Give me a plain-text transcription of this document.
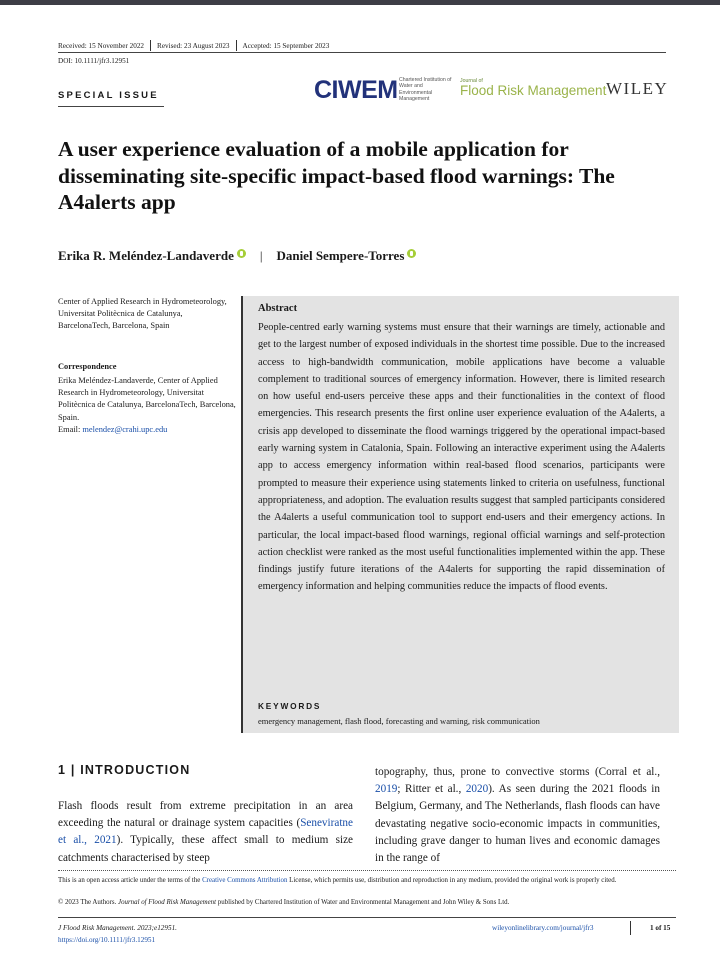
Received: 15 November 2022 Revised: 23 August 2023 Accepted: 15 September 2023
DOI: 10.1111/jfr3.12951
SPECIAL ISSUE	CIWEM Chartered Institution of Water and Environmental Management
Journal of
Flood Risk Management WILEY
A user experience evaluation of a mobile application for disseminating site-specific impact-based flood warnings: The A4alerts app
Erika R. Meléndez-Landaverde | Daniel Sempere-Torres
Center of Applied Research in Hydrometeorology, Universitat Politècnica de Catalunya, BarcelonaTech, Barcelona, Spain
Correspondence
Erika Meléndez-Landaverde, Center of Applied Research in Hydrometeorology, Universitat Politècnica de Catalunya, BarcelonaTech, Barcelona, Spain.
Email: melendez@crahi.upc.edu
Abstract

People-centred early warning systems must ensure that their warnings are timely, actionable and get to the largest number of exposed individuals in the shortest time possible. Due to the increased access to high-bandwidth communication, mobile applications have become a valuable complement to traditional sources of emergency information. However, there is limited research on how useful end-users perceive these apps and their functionalities in the context of flood emergencies. This research presents the first online user experience evaluation of the A4alerts, a crisis app developed to disseminate the flood warnings triggered by the operational impact-based early warning system in Catalonia, Spain. Following an interactive experiment using the A4alerts app to access emergency information within real-based flood scenarios, participants were prompted to measure their experience using statements linked to criteria on usefulness, functional appropriateness, and adoption. The evaluation results suggest that sampled participants considered the A4alerts a useful communication tool to support end-users and their emergency actions. In particular, the local impact-based flood warnings, regional official warnings and self-protection action checklist were ranked as the most useful functionalities implemented within the app. These findings justify future iterations of the A4alerts for supporting the rapid dissemination of emergency information and helping communities reduce the impacts of flood events.

KEYWORDS
emergency management, flash flood, forecasting and warning, risk communication
1 | INTRODUCTION

Flash floods result from extreme precipitation in an area exceeding the natural or drainage system capacities (Seneviratne et al., 2021). Typically, these affect small to medium size catchments characterised by steep

topography, thus, prone to convective storms (Corral et al., 2019; Ritter et al., 2020). As seen during the 2021 floods in Belgium, Germany, and The Netherlands, flash floods can have devastating negative socio-economic impacts in communities, including grave danger to human lives and economic damages in the range of

This is an open access article under the terms of the Creative Commons Attribution License, which permits use, distribution and reproduction in any medium, provided the original work is properly cited.
© 2023 The Authors. Journal of Flood Risk Management published by Chartered Institution of Water and Environmental Management and John Wiley & Sons Ltd.
J Flood Risk Management. 2023;e12951.
https://doi.org/10.1111/jfr3.12951
wileyonlinelibrary.com/journal/jfr3	1 of 15
